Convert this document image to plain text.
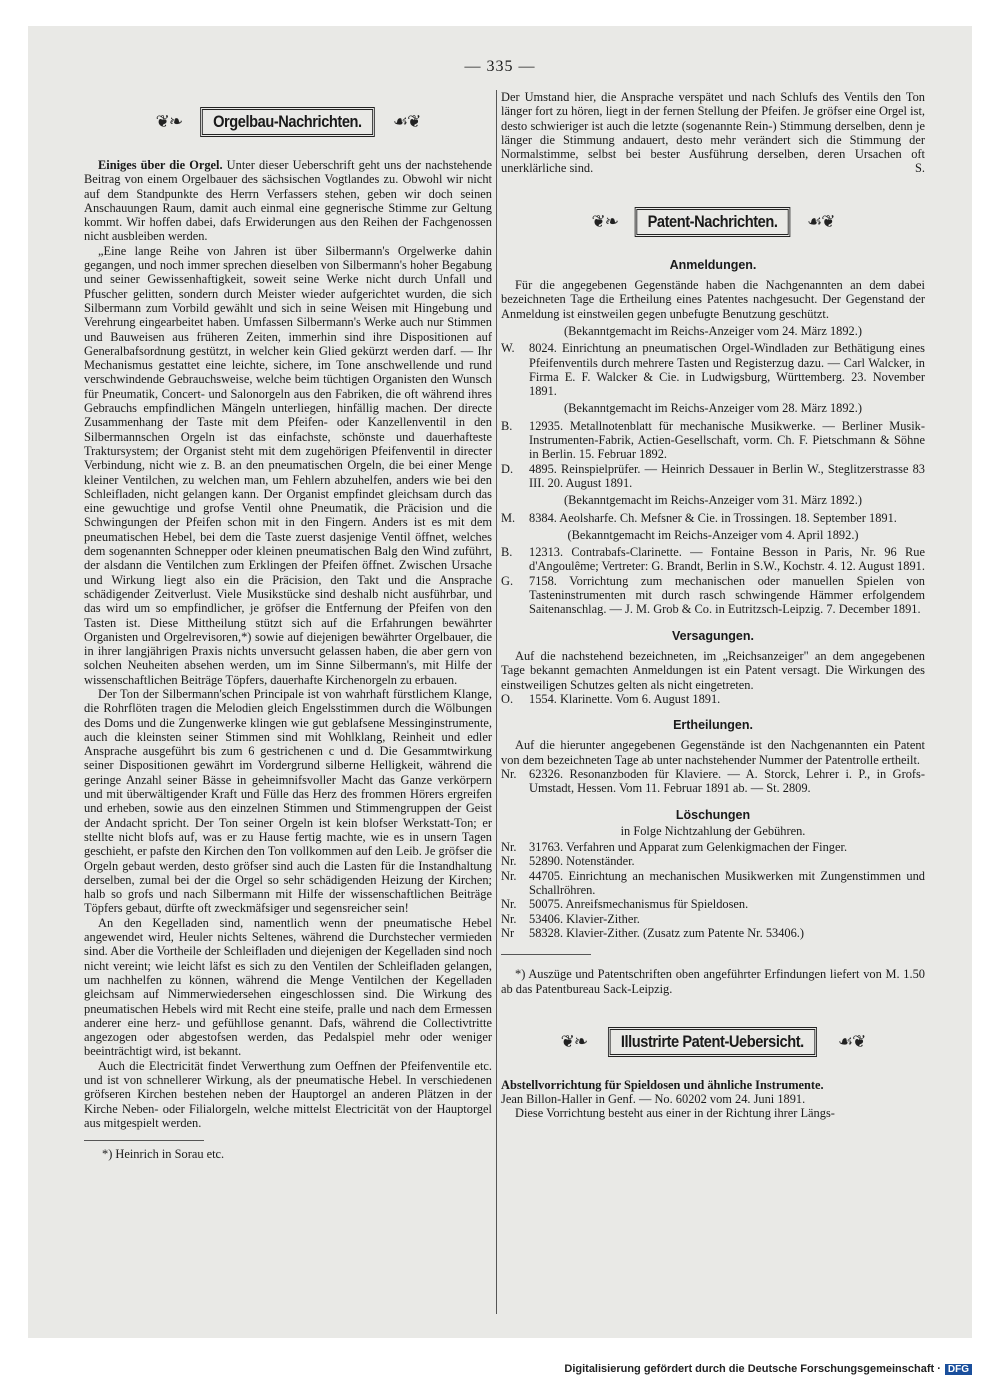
— 335 —
❦❧	Orgelbau-Nachrichten.	☙❦

Einiges über die Orgel. Unter dieser Ueberschrift geht uns der nachstehende Beitrag von einem Orgelbauer des sächsischen Vogtlandes zu. Obwohl wir nicht auf dem Standpunkte des Herrn Verfassers stehen, geben wir doch seinen Anschauungen Raum, damit auch einmal eine gegnerische Stimme zur Geltung kommt. Wir hoffen dabei, dafs Erwiderungen aus den Reihen der Fachgenossen nicht ausbleiben werden.

„Eine lange Reihe von Jahren ist über Silbermann's Orgelwerke dahin gegangen, und noch immer sprechen dieselben von Silbermann's hoher Begabung und seiner Gewissenhaftigkeit, soweit seine Werke nicht durch Unfall und Pfuscher gelitten, sondern durch Meister wieder aufgerichtet wurden, die sich Silbermann zum Vorbild gewählt und sich in seine Weisen mit Hingebung und Verehrung eingearbeitet haben. Umfassen Silbermann's Werke auch nur Stimmen und Bauweisen aus früheren Zeiten, immerhin sind ihre Dispositionen auf Generalbafsordnung gestützt, in welcher kein Glied gekürzt werden darf. — Ihr Mechanismus gestattet eine leichte, sichere, im Tone anschwellende und rund verschwindende Gebrauchsweise, welche beim tüchtigen Organisten den Wunsch für Pneumatik, Concert- und Salonorgeln aus den Fabriken, die oft während ihres Gebrauchs empfindlichen Mängeln unterliegen, hinfällig machen. Der directe Zusammenhang der Taste mit dem Pfeifen- oder Kanzellenventil in den Silbermannschen Orgeln ist das einfachste, schönste und dauerhafteste Traktursystem; der Organist steht mit dem zugehörigen Pfeifenventil in directer Verbindung, nicht wie z. B. an den pneumatischen Orgeln, die bei einer Menge kleiner Ventilchen, zu welchen man, um Fehlern abzuhelfen, anders wie bei den Schleifladen, nicht gelangen kann. Der Organist empfindet gleichsam durch das eine gewuchtige und grofse Ventil ohne Pneumatik, die Präcision und die Schwingungen der Pfeifen schon mit in den Fingern. Anders ist es mit dem pneumatischen Hebel, bei dem die Taste zuerst dasjenige Ventil öffnet, welches dem sogenannten Schnepper oder kleinen pneumatischen Balg den Wind zuführt, der alsdann die Ventilchen zum Erklingen der Pfeifen öffnet. Zwischen Ursache und Wirkung liegt also ein die Präcision, den Takt und die Ansprache schädigender Zeitverlust. Viele Musikstücke sind deshalb nicht ausführbar, und das wird um so empfindlicher, je gröfser die Entfernung der Pfeifen von den Tasten ist. Diese Mittheilung stützt sich auf die Erfahrungen bewährter Organisten und Orgelrevisoren,*) sowie auf diejenigen bewährter Orgelbauer, die in ihrer langjährigen Praxis nichts unversucht gelassen haben, die aber gern von solchen Neuheiten absehen werden, um im Sinne Silbermann's, mit Hilfe der wissenschaftlichen Beiträge Töpfers, dauerhafte Kirchenorgeln zu erbauen.

Der Ton der Silbermann'schen Principale ist von wahrhaft fürstlichem Klange, die Rohrflöten tragen die Melodien gleich Engelsstimmen durch die Wölbungen des Doms und die Zungenwerke klingen wie gut geblafsene Messinginstrumente, auch die kleinsten seiner Stimmen sind mit Wohlklang, Reinheit und edler Ansprache ausgeführt bis zum 6 gestrichenen c und d. Die Gesammtwirkung seiner Dispositionen gewährt im Vordergrund silberne Helligkeit, während die geringe Anzahl seiner Bässe in geheimnifsvoller Macht das Ganze verkörpern und mit überwältigender Kraft und Fülle das Herz des frommen Hörers ergreifen und erheben, sowie aus den einzelnen Stimmen und Stimmengruppen der Geist der Andacht spricht. Der Ton seiner Orgeln ist kein blofser Werkstatt-Ton; er stellte nicht blofs auf, was er zu Hause fertig machte, wie es in unsern Tagen geschieht, er pafste den Kirchen den Ton vollkommen auf den Leib. Je gröfser die Orgeln gebaut werden, desto gröfser sind auch die Lasten für die Instandhaltung derselben, zumal bei der die Orgel so sehr schädigenden Heizung der Kirchen; halb so grofs und nach Silbermann mit Hilfe der wissenschaftlichen Beiträge Töpfers gebaut, dürfte oft zweckmäfsiger und segensreicher sein!

An den Kegelladen sind, namentlich wenn der pneumatische Hebel angewendet wird, Heuler nichts Seltenes, während die Durchstecher vermieden sind. Aber die Vortheile der Schleifladen und diejenigen der Kegelladen sind noch nicht vereint; wie leicht läfst es sich zu den Ventilen der Schleifladen gelangen, um nachhelfen zu können, während die Menge Ventilchen der Kegelladen gleichsam auf Nimmerwiedersehen eingeschlossen sind. Die Wirkung des pneumatischen Hebels wird mit Recht eine steife, pralle und nach dem Ermessen anderer eine herz- und gefühllose genannt. Dafs, während die Collectivtritte angezogen oder abgestofsen werden, das Pedalspiel mehr oder weniger beeinträchtigt wird, ist bekannt.

Auch die Electricität findet Verwerthung zum Oeffnen der Pfeifenventile etc. und ist von schnellerer Wirkung, als der pneumatische Hebel. In verschiedenen gröfseren Kirchen bestehen neben der Hauptorgel an anderen Plätzen in der Kirche Neben- oder Filialorgeln, welche mittelst Electricität von der Hauptorgel aus mitgespielt werden.

*) Heinrich in Sorau etc.

Der Umstand hier, die Ansprache verspätet und nach Schlufs des Ventils den Ton länger fort zu hören, liegt in der fernen Stellung der Pfeifen. Je gröfser eine Orgel ist, desto schwieriger ist auch die letzte (sogenannte Rein-) Stimmung derselben, denn je länger die Stimmung andauert, desto mehr verändert sich die Stimmung der Normalstimme, selbst bei bester Ausführung derselben, deren Ursachen oft unerklärliche sind.	S.

❦❧	Patent-Nachrichten.	☙❦
Anmeldungen.

Für die angegebenen Gegenstände haben die Nachgenannten an dem dabei bezeichneten Tage die Ertheilung eines Patentes nachgesucht. Der Gegenstand der Anmeldung ist einstweilen gegen unbefugte Benutzung geschützt.

(Bekanntgemacht im Reichs-Anzeiger vom 24. März 1892.)

W.	8024. Einrichtung an pneumatischen Orgel-Windladen zur Bethätigung eines Pfeifenventils durch mehrere Tasten und Registerzug dazu. — Carl Walcker, in Firma E. F. Walcker & Cie. in Ludwigsburg, Württemberg. 23. November 1891.

(Bekanntgemacht im Reichs-Anzeiger vom 28. März 1892.)

B.	12935. Metallnotenblatt für mechanische Musikwerke. — Berliner Musik-Instrumenten-Fabrik, Actien-Gesellschaft, vorm. Ch. F. Pietschmann & Söhne in Berlin. 15. Februar 1892.
D.	4895. Reinspielprüfer. — Heinrich Dessauer in Berlin W., Steglitzerstrasse 83 III. 20. August 1891.

(Bekanntgemacht im Reichs-Anzeiger vom 31. März 1892.)

M.	8384. Aeolsharfe. Ch. Mefsner & Cie. in Trossingen. 18. September 1891.

(Bekanntgemacht im Reichs-Anzeiger vom 4. April 1892.)

B.	12313. Contrabafs-Clarinette. — Fontaine Besson in Paris, Nr. 96 Rue d'Angoulême; Vertreter: G. Brandt, Berlin in S.W., Kochstr. 4. 12. August 1891.
G.	7158. Vorrichtung zum mechanischen oder manuellen Spielen von Tasteninstrumenten mit durch rasch schwingende Hämmer erfolgendem Saitenanschlag. — J. M. Grob & Co. in Eutritzsch-Leipzig. 7. December 1891.
Versagungen.

Auf die nachstehend bezeichneten, im „Reichsanzeiger" an dem angegebenen Tage bekannt gemachten Anmeldungen ist ein Patent versagt. Die Wirkungen des einstweiligen Schutzes gelten als nicht eingetreten.

O.	1554. Klarinette. Vom 6. August 1891.
Ertheilungen.

Auf die hierunter angegebenen Gegenstände ist den Nachgenannten ein Patent von dem bezeichneten Tage ab unter nachstehender Nummer der Patentrolle ertheilt.

Nr.	62326. Resonanzboden für Klaviere. — A. Storck, Lehrer i. P., in Grofs-Umstadt, Hessen. Vom 11. Februar 1891 ab. — St. 2809.
Löschungen
in Folge Nichtzahlung der Gebühren.
Nr.	31763. Verfahren und Apparat zum Gelenkigmachen der Finger.
Nr.	52890. Notenständer.
Nr.	44705. Einrichtung an mechanischen Musikwerken mit Zungenstimmen und Schallröhren.
Nr.	50075. Anreifsmechanismus für Spieldosen.
Nr.	53406. Klavier-Zither.
Nr	58328. Klavier-Zither. (Zusatz zum Patente Nr. 53406.)

*) Auszüge und Patentschriften oben angeführter Erfindungen liefert von M. 1.50 ab das Patentbureau Sack-Leipzig.

❦❧	Illustrirte Patent-Uebersicht.	☙❦

Abstellvorrichtung für Spieldosen und ähnliche Instrumente.

Jean Billon-Haller in Genf. — No. 60202 vom 24. Juni 1891.

Diese Vorrichtung besteht aus einer in der Richtung ihrer Längs-

Digitalisierung gefördert durch die Deutsche Forschungsgemeinschaft · DFG
